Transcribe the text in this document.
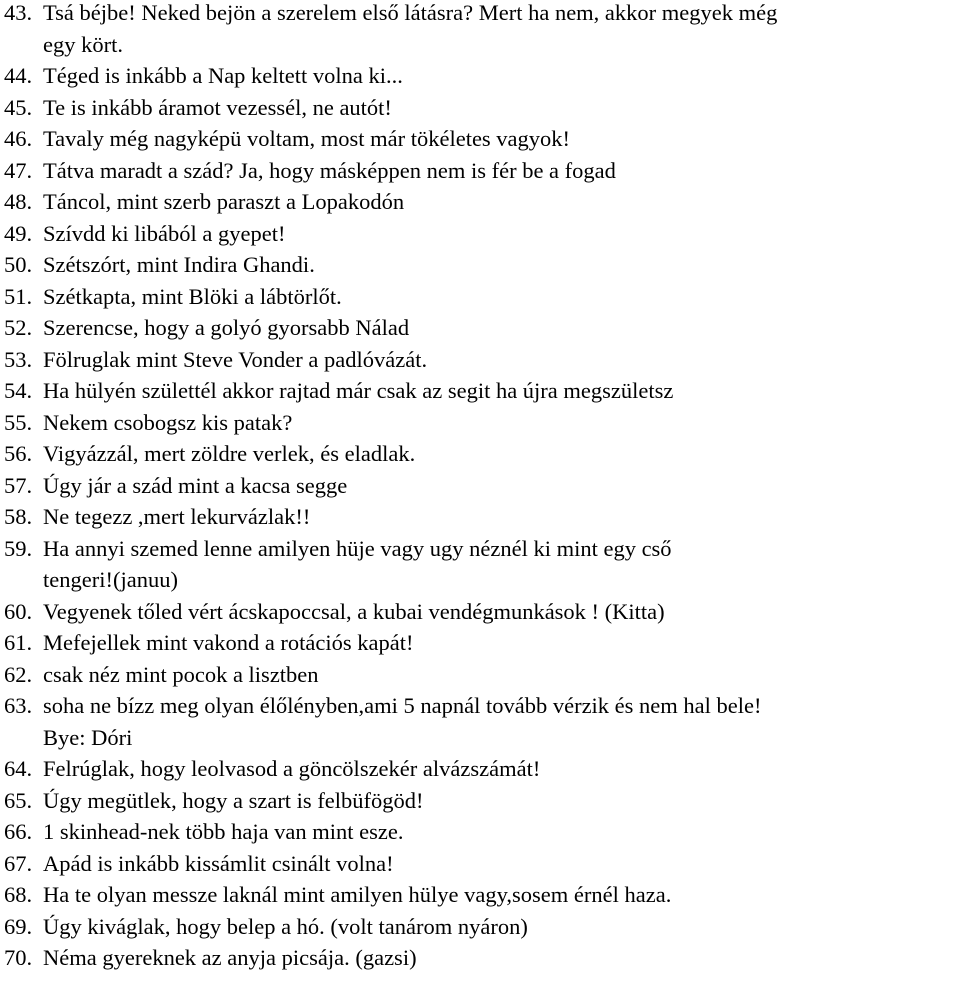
43. Tsá béjbe! Neked bejön a szerelem első látásra? Mert ha nem, akkor megyek még
egy kört.
44. Téged is inkább a Nap keltett volna ki...
45. Te is inkább áramot vezessél, ne autót!
46. Tavaly még nagyképü voltam, most már tökéletes vagyok!
47. Tátva maradt a szád? Ja, hogy másképpen nem is fér be a fogad
48. Táncol, mint szerb paraszt a Lopakodón
49. Szívdd ki libából a gyepet!
50. Szétszórt, mint Indira Ghandi.
51. Szétkapta, mint Blöki a lábtörlőt.
52. Szerencse, hogy a golyó gyorsabb Nálad
53. Fölruglak mint Steve Vonder a padlóvázát.
54. Ha hülyén születtél akkor rajtad már csak az segit ha újra megszületsz
55. Nekem csobogsz kis patak?
56. Vigyázzál, mert zöldre verlek, és eladlak.
57. Úgy jár a szád mint a kacsa segge
58. Ne tegezz ,mert lekurvázlak!!
59. Ha annyi szemed lenne amilyen hüje vagy ugy néznél ki mint egy cső
tengeri!(januu)
60. Vegyenek tőled vért ácskapoccsal, a kubai vendégmunkások ! (Kitta)
61. Mefejellek mint vakond a rotációs kapát!
62. csak néz mint pocok a lisztben
63. soha ne bízz meg olyan élőlényben,ami 5 napnál tovább vérzik és nem hal bele!
Bye: Dóri
64. Felrúglak, hogy leolvasod a göncölszekér alvázszámát!
65. Úgy megütlek, hogy a szart is felbüfögöd!
66. 1 skinhead-nek több haja van mint esze.
67. Apád is inkább kissámlit csinált volna!
68. Ha te olyan messze laknál mint amilyen hülye vagy,sosem érnél haza.
69. Úgy kiváglak, hogy belep a hó. (volt tanárom nyáron)
70. Néma gyereknek az anyja picsája. (gazsi)
